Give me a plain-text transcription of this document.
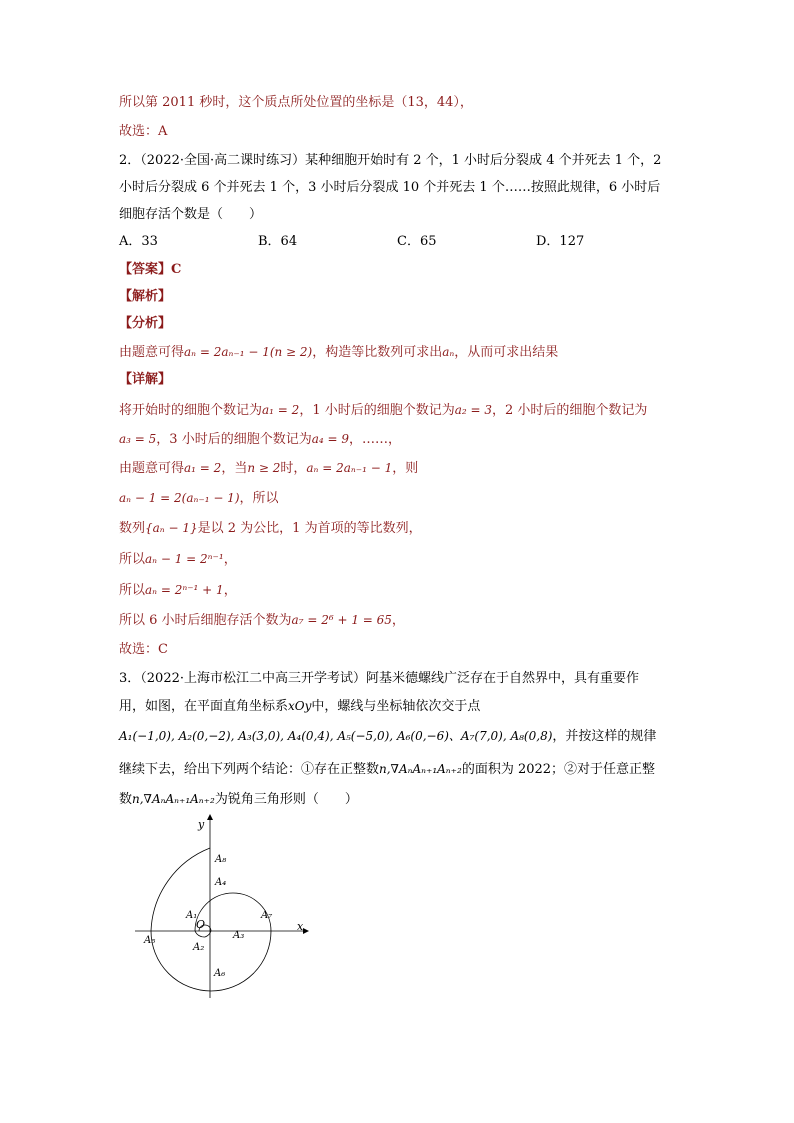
所以第 2011 秒时，这个质点所处位置的坐标是（13，44），
故选：A
2．（2022·全国·高二课时练习）某种细胞开始时有 2 个，1 小时后分裂成 4 个并死去 1 个，2
小时后分裂成 6 个并死去 1 个，3 小时后分裂成 10 个并死去 1 个……按照此规律，6 小时后
细胞存活个数是（　　）
A．33	B．64	C．65	D．127
【答案】C
【解析】
【分析】
由题意可得aₙ = 2aₙ₋₁ − 1(n ≥ 2)，构造等比数列可求出aₙ，从而可求出结果
【详解】
将开始时的细胞个数记为a₁ = 2，1 小时后的细胞个数记为a₂ = 3，2 小时后的细胞个数记为
a₃ = 5，3 小时后的细胞个数记为a₄ = 9，……，
由题意可得a₁ = 2，当n ≥ 2时，aₙ = 2aₙ₋₁ − 1，则
aₙ − 1 = 2(aₙ₋₁ − 1)，所以
数列{aₙ − 1}是以 2 为公比，1 为首项的等比数列，
所以aₙ − 1 = 2ⁿ⁻¹，
所以aₙ = 2ⁿ⁻¹ + 1，
所以 6 小时后细胞存活个数为a₇ = 2⁶ + 1 = 65，
故选：C
3．（2022·上海市松江二中高三开学考试）阿基米德螺线广泛存在于自然界中，具有重要作
用，如图，在平面直角坐标系xOy中，螺线与坐标轴依次交于点
A₁(−1,0), A₂(0,−2), A₃(3,0), A₄(0,4), A₅(−5,0), A₆(0,−6)、A₇(7,0), A₈(0,8)，并按这样的规律
继续下去，给出下列两个结论：①存在正整数n,∇AₙAₙ₊₁Aₙ₊₂的面积为 2022；②对于任意正整
数n,∇AₙAₙ₊₁Aₙ₊₂为锐角三角形则（　　）
x
y
O
A₁
A₂
A₃
A₄
A₅
A₆
A₇
A₈
